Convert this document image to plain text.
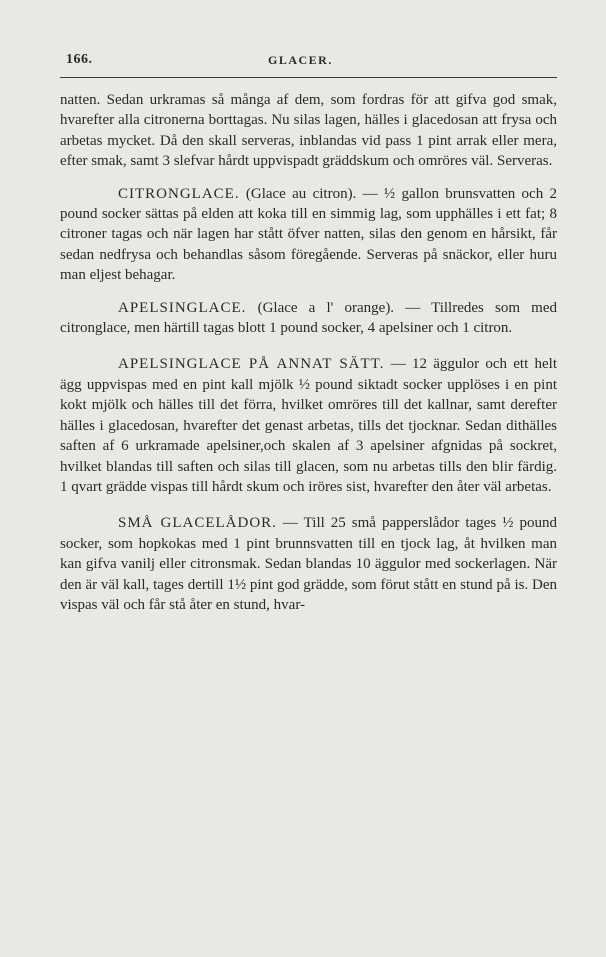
166.	GLACER.

natten. Sedan urkramas så många af dem, som fordras för att gifva god smak, hvarefter alla citronerna borttagas. Nu silas lagen, hälles i glacedosan att frysa och arbetas mycket. Då den skall serveras, inblandas vid pass 1 pint arrak eller mera, efter smak, samt 3 slefvar hårdt uppvispadt gräddskum och omröres väl. Serveras.

CITRONGLACE. (Glace au citron). — ½ gallon brunsvatten och 2 pound socker sättas på elden att koka till en simmig lag, som upphälles i ett fat; 8 citroner tagas och när lagen har stått öfver natten, silas den genom en hårsikt, får sedan nedfrysa och behandlas såsom föregående. Serveras på snäckor, eller huru man eljest behagar.

APELSINGLACE. (Glace a l' orange). — Tillredes som med citronglace, men härtill tagas blott 1 pound socker, 4 apelsiner och 1 citron.

APELSINGLACE PÅ ANNAT SÄTT. — 12 äggulor och ett helt ägg uppvispas med en pint kall mjölk ½ pound siktadt socker upplöses i en pint kokt mjölk och hälles till det förra, hvilket omröres till det kallnar, samt derefter hälles i glacedosan, hvarefter det genast arbetas, tills det tjocknar. Sedan dithälles saften af 6 urkramade apelsiner,och skalen af 3 apelsiner afgnidas på sockret, hvilket blandas till saften och silas till glacen, som nu arbetas tills den blir färdig. 1 qvart grädde vispas till hårdt skum och iröres sist, hvarefter den åter väl arbetas.

SMÅ GLACELÅDOR. — Till 25 små papperslådor tages ½ pound socker, som hopkokas med 1 pint brunnsvatten till en tjock lag, åt hvilken man kan gifva vanilj eller citronsmak. Sedan blandas 10 äggulor med sockerlagen. När den är väl kall, tages dertill 1½ pint god grädde, som förut stått en stund på is. Den vispas väl och får stå åter en stund, hvar-
